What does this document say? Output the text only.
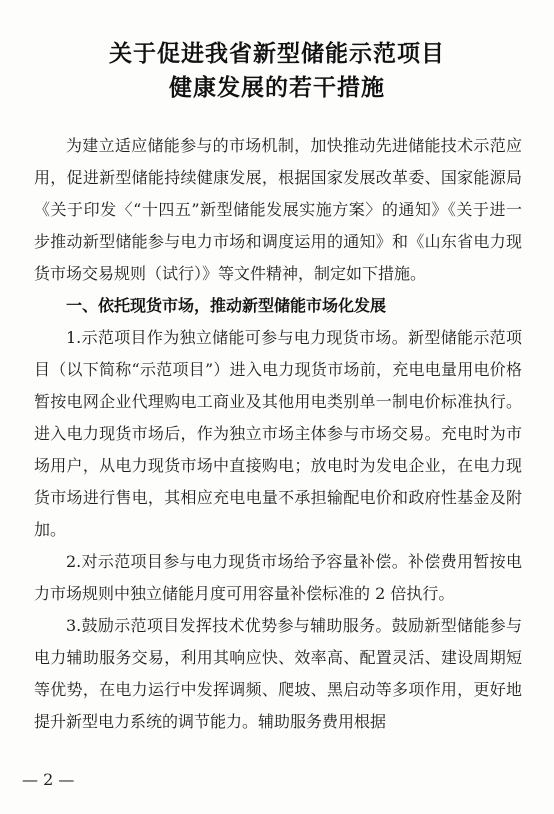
关于促进我省新型储能示范项目
健康发展的若干措施

为建立适应储能参与的市场机制，加快推动先进储能技术示范应用，促进新型储能持续健康发展，根据国家发展改革委、国家能源局《关于印发〈“十四五”新型储能发展实施方案〉的通知》《关于进一步推动新型储能参与电力市场和调度运用的通知》和《山东省电力现货市场交易规则（试行）》等文件精神，制定如下措施。

一、依托现货市场，推动新型储能市场化发展

1.示范项目作为独立储能可参与电力现货市场。新型储能示范项目（以下简称“示范项目”）进入电力现货市场前，充电电量用电价格暂按电网企业代理购电工商业及其他用电类别单一制电价标准执行。进入电力现货市场后，作为独立市场主体参与市场交易。充电时为市场用户，从电力现货市场中直接购电；放电时为发电企业，在电力现货市场进行售电，其相应充电电量不承担输配电价和政府性基金及附加。

2.对示范项目参与电力现货市场给予容量补偿。补偿费用暂按电力市场规则中独立储能月度可用容量补偿标准的 2 倍执行。

3.鼓励示范项目发挥技术优势参与辅助服务。鼓励新型储能参与电力辅助服务交易，利用其响应快、效率高、配置灵活、建设周期短等优势，在电力运行中发挥调频、爬坡、黑启动等多项作用，更好地提升新型电力系统的调节能力。辅助服务费用根据

— 2 —
